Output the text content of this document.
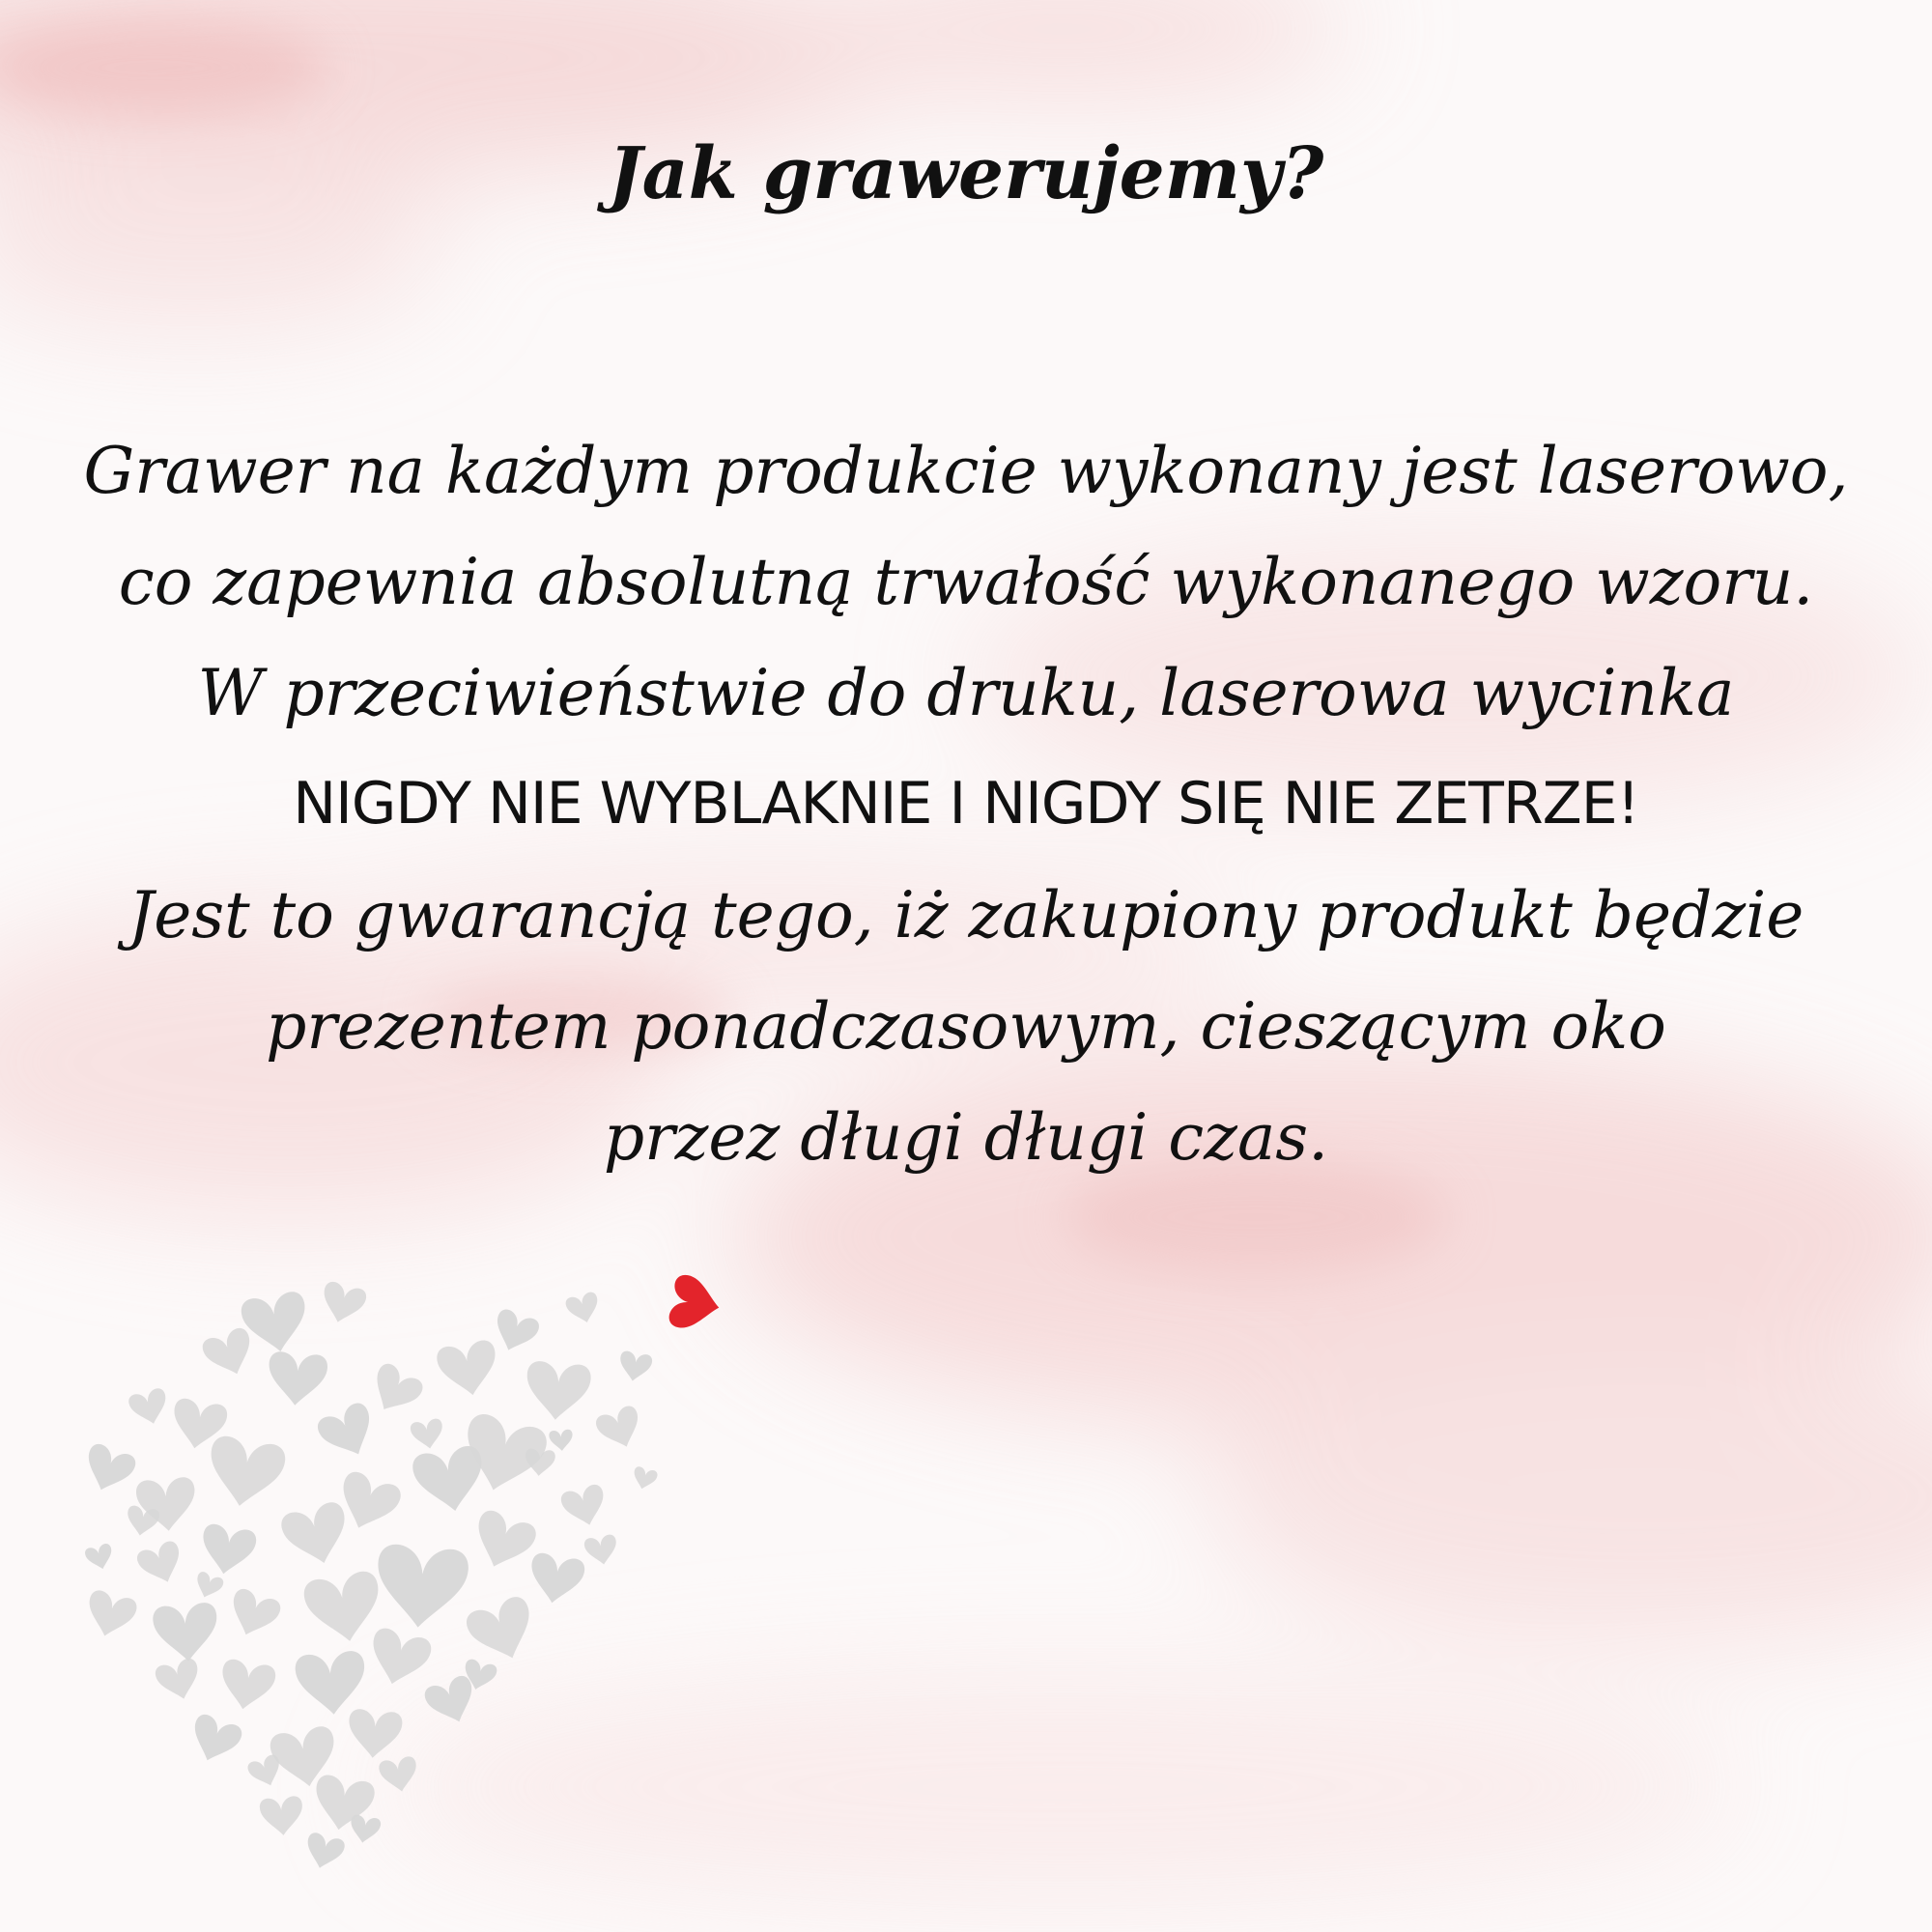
Jak grawerujemy?

Grawer na każdym produkcie wykonany jest laserowo,
co zapewnia absolutną trwałość wykonanego wzoru.
W przeciwieństwie do druku, laserowa wycinka
NIGDY NIE WYBLAKNIE I NIGDY SIĘ NIE ZETRZE!
Jest to gwarancją tego, iż zakupiony produkt będzie
prezentem ponadczasowym, cieszącym oko
przez długi długi czas.
